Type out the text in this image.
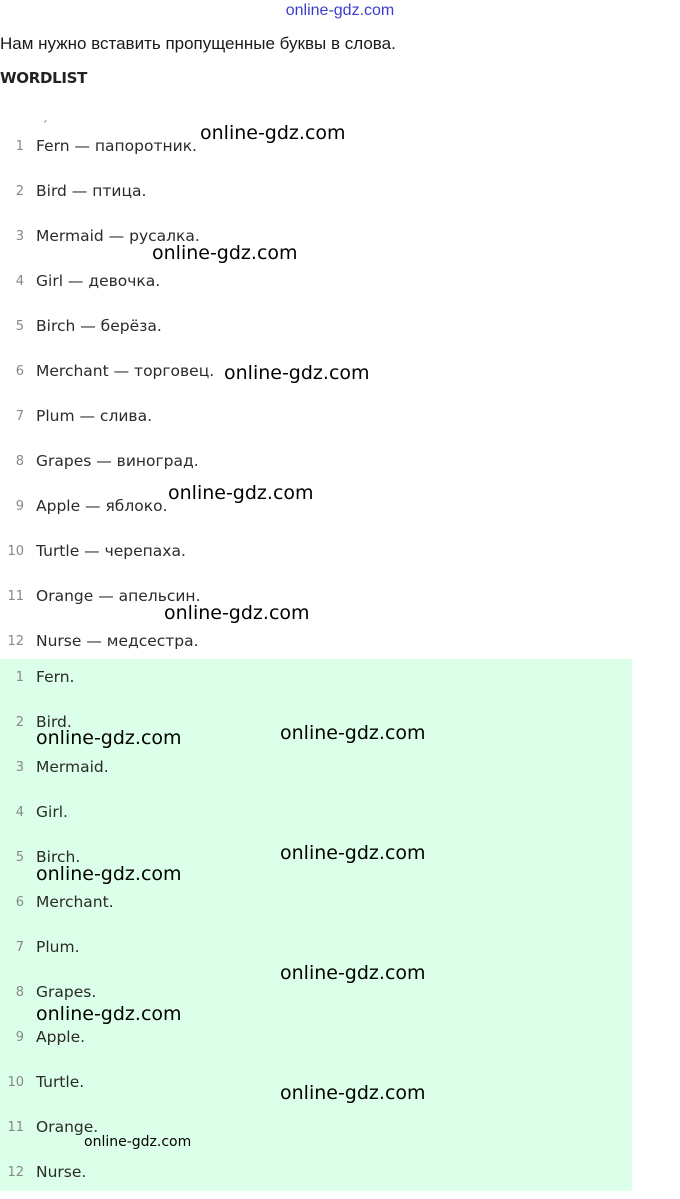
online-gdz.com
Нам нужно вставить пропущенные буквы в слова.
WORDLIST
´
1. 1 Fern — папоротник.
2. 2 Bird — птица.
3. 3 Mermaid — русалка.
4. 4 Girl — девочка.
5. 5 Birch — берёза.
6. 6 Merchant — торговец.
7. 7 Plum — слива.
8. 8 Grapes — виноград.
9. 9 Apple — яблоко.
10. 10 Turtle — черепаха.
11. 11 Orange — апельсин.
12. 12 Nurse — медсестра.
1. 1 Fern.
2. 2 Bird.
3. 3 Mermaid.
4. 4 Girl.
5. 5 Birch.
6. 6 Merchant.
7. 7 Plum.
8. 8 Grapes.
9. 9 Apple.
10. 10 Turtle.
11. 11 Orange.
12. 12 Nurse.
online-gdz.com
online-gdz.com
online-gdz.com
online-gdz.com
online-gdz.com
online-gdz.com
online-gdz.com
online-gdz.com
online-gdz.com
online-gdz.com
online-gdz.com
online-gdz.com
online-gdz.com
